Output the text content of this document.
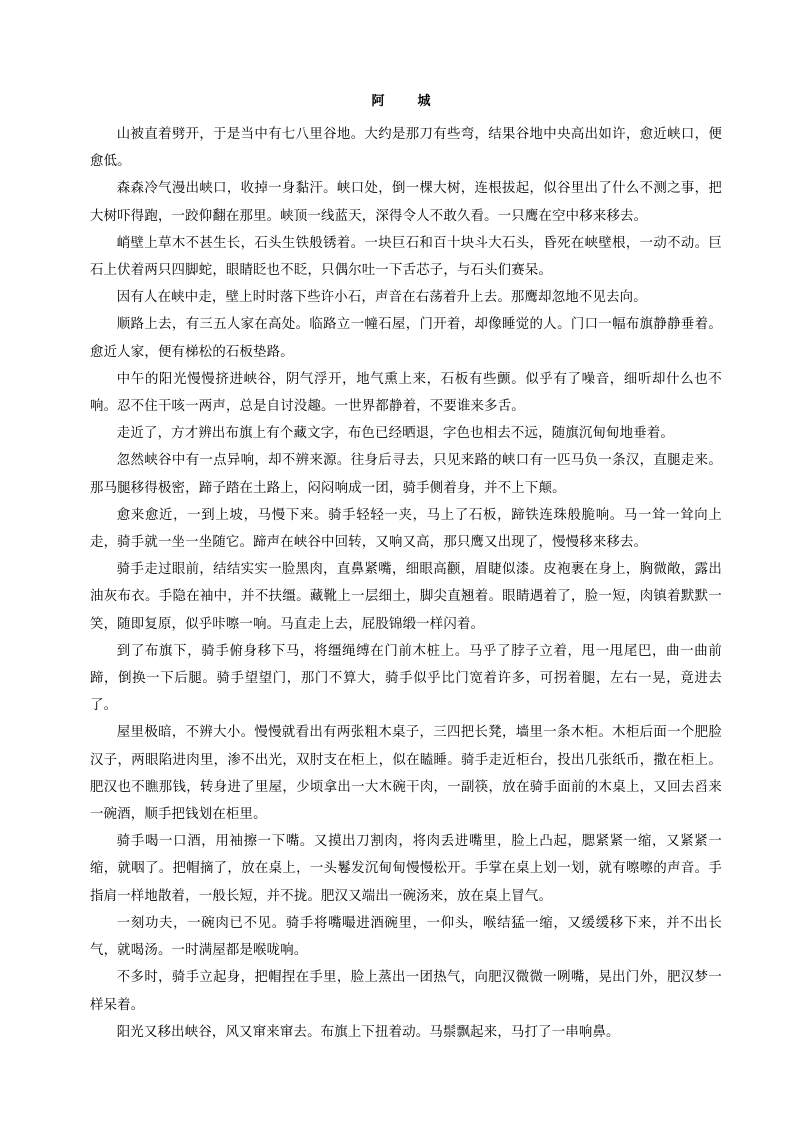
阿　城

山被直着劈开，于是当中有七八里谷地。大约是那刀有些弯，结果谷地中央高出如许，愈近峡口，便愈低。

森森冷气漫出峡口，收掉一身黏汗。峡口处，倒一棵大树，连根拔起，似谷里出了什么不测之事，把大树吓得跑，一跤仰翻在那里。峡顶一线蓝天，深得令人不敢久看。一只鹰在空中移来移去。

峭壁上草木不甚生长，石头生铁般锈着。一块巨石和百十块斗大石头，昏死在峡壁根，一动不动。巨石上伏着两只四脚蛇，眼睛眨也不眨，只偶尔吐一下舌芯子，与石头们赛呆。

因有人在峡中走，壁上时时落下些许小石，声音在右荡着升上去。那鹰却忽地不见去向。

顺路上去，有三五人家在高处。临路立一幢石屋，门开着，却像睡觉的人。门口一幅布旗静静垂着。愈近人家，便有梯松的石板垫路。

中午的阳光慢慢挤进峡谷，阴气浮开，地气熏上来，石板有些颤。似乎有了噪音，细听却什么也不响。忍不住干咳一两声，总是自讨没趣。一世界都静着，不要谁来多舌。

走近了，方才辨出布旗上有个藏文字，布色已经晒退，字色也相去不远，随旗沉甸甸地垂着。

忽然峡谷中有一点异响，却不辨来源。往身后寻去，只见来路的峡口有一匹马负一条汉，直腿走来。那马腿移得极密，蹄子踏在土路上，闷闷响成一团，骑手侧着身，并不上下颠。

愈来愈近，一到上坡，马慢下来。骑手轻轻一夹，马上了石板，蹄铁连珠般脆响。马一耸一耸向上走，骑手就一坐一坐随它。蹄声在峡谷中回转，又响又高，那只鹰又出现了，慢慢移来移去。

骑手走过眼前，结结实实一脸黑肉，直鼻紧嘴，细眼高颧，眉睫似漆。皮袍裹在身上，胸微敞，露出油灰布衣。手隐在袖中，并不扶缰。藏靴上一层细土，脚尖直翘着。眼睛遇着了，脸一短，肉镇着默默一笑，随即复原，似乎咔嚓一响。马直走上去，屁股锦缎一样闪着。

到了布旗下，骑手俯身移下马，将缰绳缚在门前木桩上。马乎了脖子立着，甩一甩尾巴，曲一曲前蹄，倒换一下后腿。骑手望望门，那门不算大，骑手似乎比门宽着许多，可拐着腿，左右一晃，竟进去了。

屋里极暗，不辨大小。慢慢就看出有两张粗木桌子，三四把长凳，墙里一条木柜。木柜后面一个肥脸汉子，两眼陷进肉里，渗不出光，双肘支在柜上，似在瞌睡。骑手走近柜台，投出几张纸币，撒在柜上。肥汉也不瞧那钱，转身进了里屋，少顷拿出一大木碗干肉，一副筷，放在骑手面前的木桌上，又回去舀来一碗酒，顺手把钱划在柜里。

骑手喝一口酒，用袖擦一下嘴。又摸出刀割肉，将肉丢进嘴里，脸上凸起，腮紧紧一缩，又紧紧一缩，就咽了。把帽摘了，放在桌上，一头鬈发沉甸甸慢慢松开。手掌在桌上划一划，就有嚓嚓的声音。手指肩一样地散着，一般长短，并不拢。肥汉又端出一碗汤来，放在桌上冒气。

一刻功夫，一碗肉已不见。骑手将嘴嘬进酒碗里，一仰头，喉结猛一缩，又缓缓移下来，并不出长气，就喝汤。一时满屋都是喉咙响。

不多时，骑手立起身，把帽捏在手里，脸上蒸出一团热气，向肥汉微微一咧嘴，晃出门外，肥汉梦一样呆着。

阳光又移出峡谷，风又窜来窜去。布旗上下扭着动。马鬃飘起来，马打了一串响鼻。
